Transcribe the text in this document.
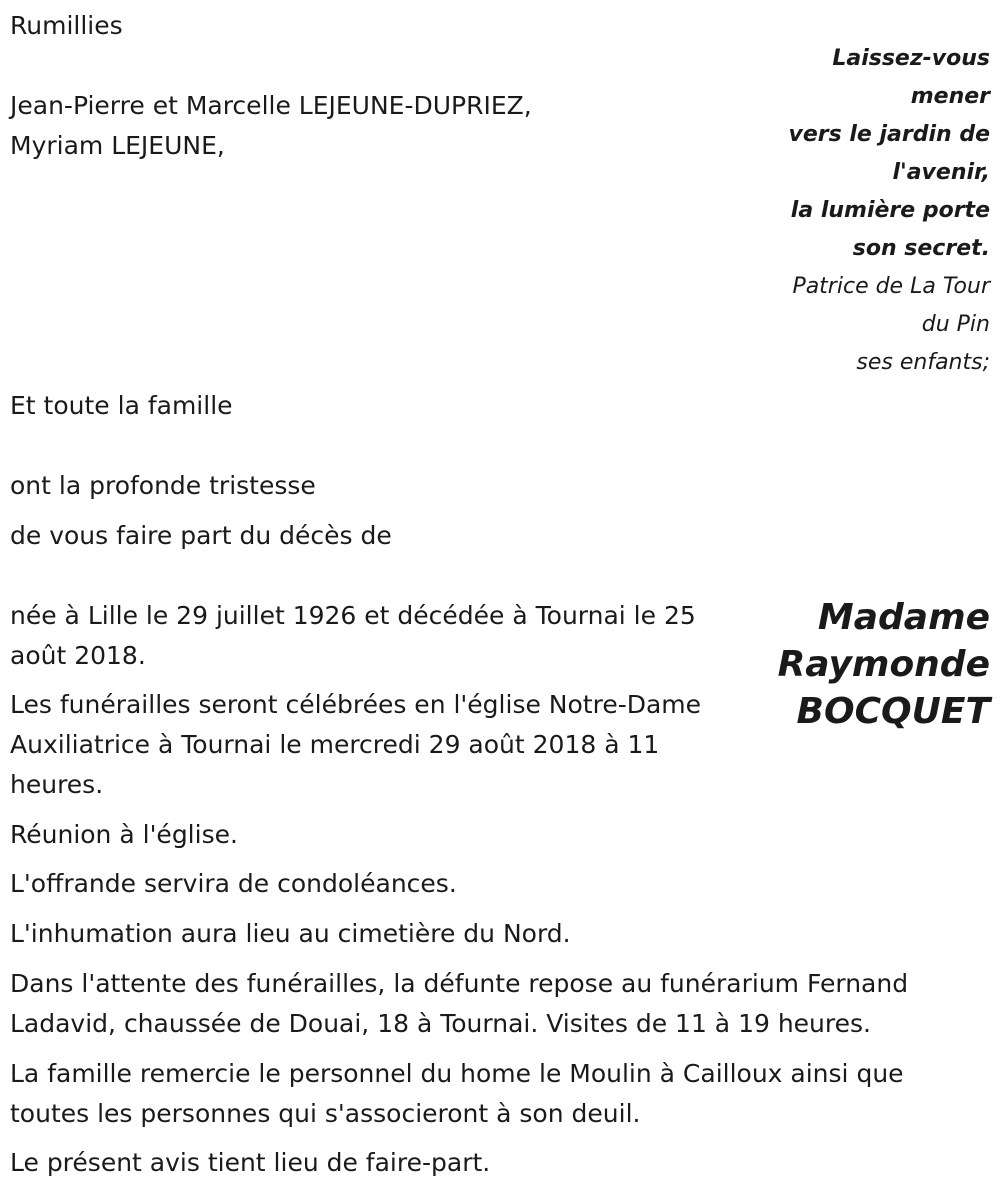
Rumillies

Jean-Pierre et Marcelle LEJEUNE-DUPRIEZ,

Myriam LEJEUNE,

Laissez-vous
mener
vers le jardin de
l'avenir,
la lumière porte
son secret.
Patrice de La Tour
du Pin
ses enfants;

Et toute la famille

ont la profonde tristesse

de vous faire part du décès de

Madame
Raymonde
BOCQUET

née à Lille le 29 juillet 1926 et décédée à Tournai le 25 août 2018.

Les funérailles seront célébrées en l'église Notre-Dame Auxiliatrice à Tournai le mercredi 29 août 2018 à 11 heures.

Réunion à l'église.

L'offrande servira de condoléances.

L'inhumation aura lieu au cimetière du Nord.

Dans l'attente des funérailles, la défunte repose au funérarium Fernand Ladavid, chaussée de Douai, 18 à Tournai. Visites de 11 à 19 heures.

La famille remercie le personnel du home le Moulin à Cailloux ainsi que toutes les personnes qui s'associeront à son deuil.

Le présent avis tient lieu de faire-part.
